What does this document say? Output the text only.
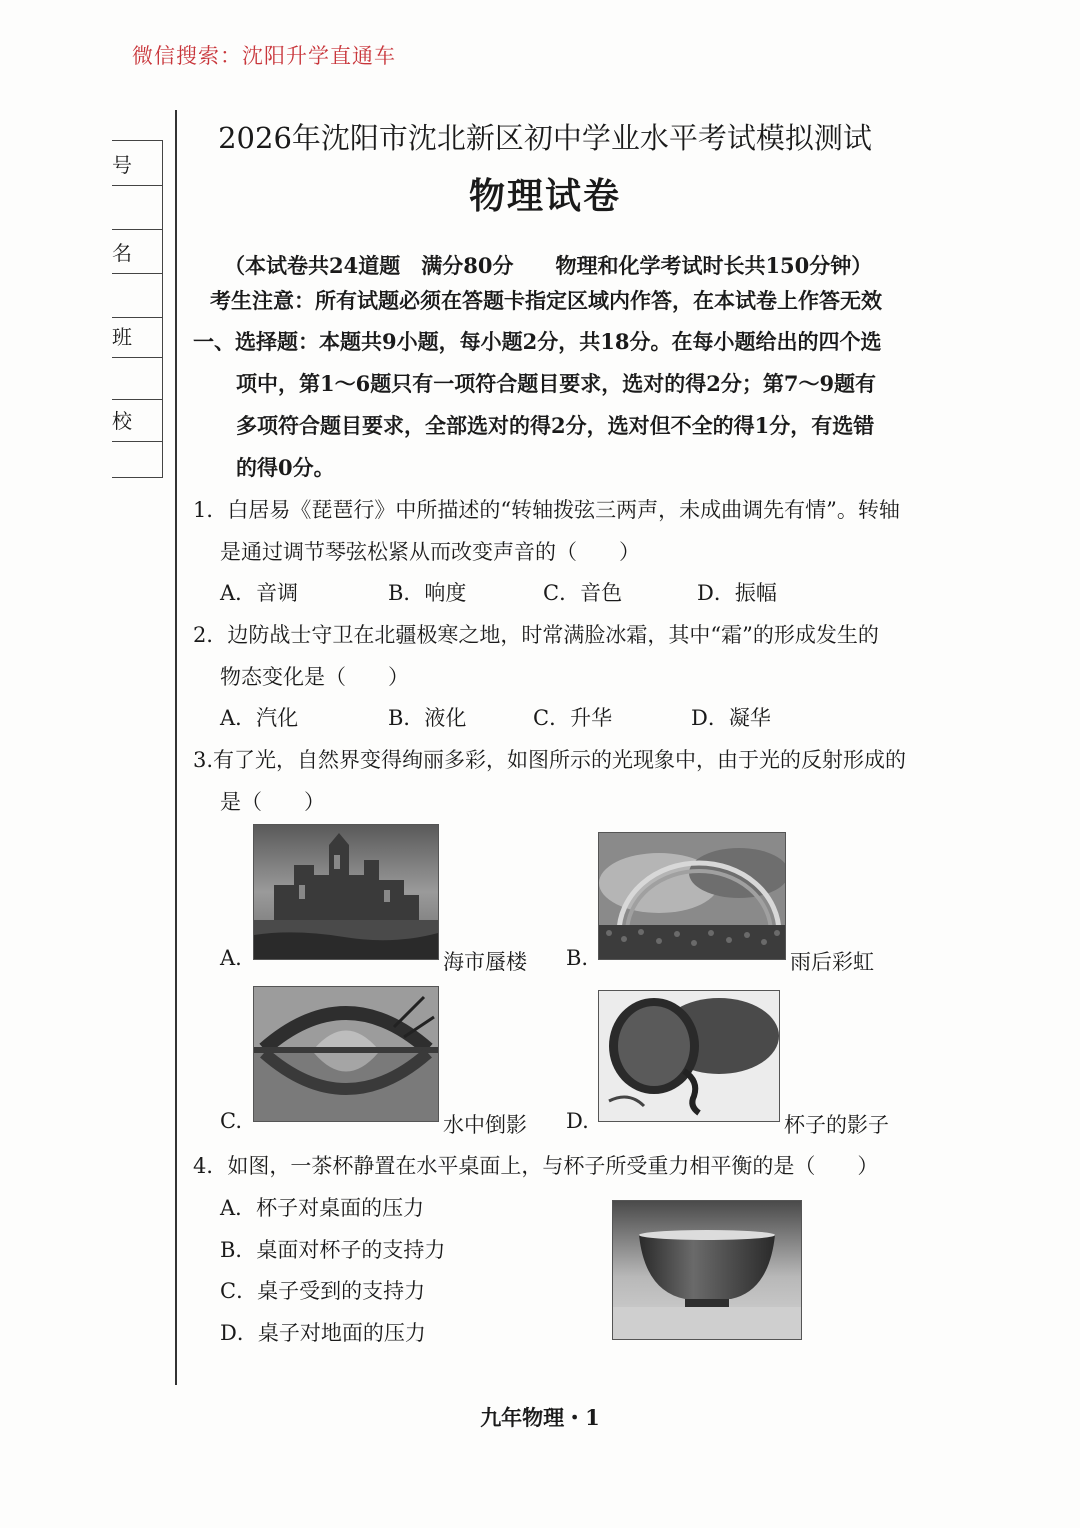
微信搜索：沈阳升学直通车
号
名
班
校
2026年沈阳市沈北新区初中学业水平考试模拟测试
物理试卷
（本试卷共24道题　满分80分　　物理和化学考试时长共150分钟）
考生注意：所有试题必须在答题卡指定区域内作答，在本试卷上作答无效
一、选择题：本题共9小题，每小题2分，共18分。在每小题给出的四个选
项中，第1～6题只有一项符合题目要求，选对的得2分；第7～9题有
多项符合题目要求，全部选对的得2分，选对但不全的得1分，有选错
的得0分。
1．白居易《琵琶行》中所描述的“转轴拨弦三两声，未成曲调先有情”。转轴
是通过调节琴弦松紧从而改变声音的（　　）
A．音调	B．响度	C．音色	D．振幅
2．边防战士守卫在北疆极寒之地，时常满脸冰霜，其中“霜”的形成发生的
物态变化是（　　）
A．汽化	B．液化	C．升华	D．凝华
3.有了光，自然界变得绚丽多彩，如图所示的光现象中，由于光的反射形成的
是（　　）
A.	海市蜃楼 B.	雨后彩虹
C.	水中倒影 D.	杯子的影子
4．如图，一茶杯静置在水平桌面上，与杯子所受重力相平衡的是（　　）
A．杯子对桌面的压力
B．桌面对杯子的支持力
C．桌子受到的支持力
D．桌子对地面的压力
九年物理・1
